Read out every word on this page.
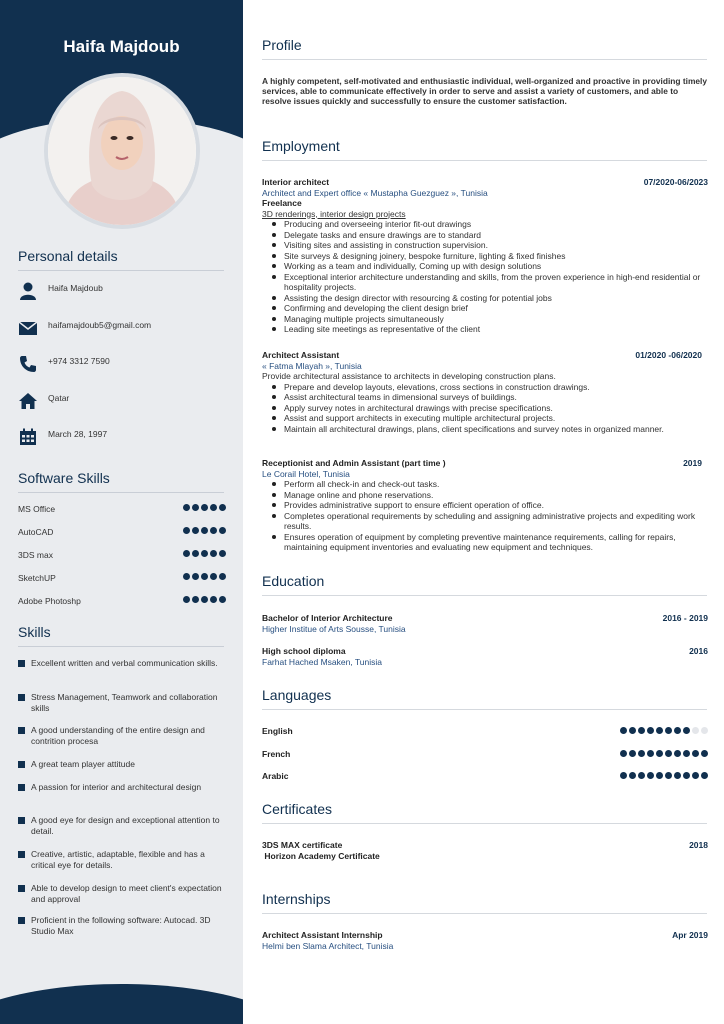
Haifa Majdoub
Personal details
Haifa Majdoub
haifamajdoub5@gmail.com
+974 3312 7590
Qatar
March 28, 1997
Software Skills
MS Office
AutoCAD
3DS max
SketchUP
Adobe Photoshp
Skills
Excellent written and verbal communication skills.
Stress Management, Teamwork and collaboration skills
A good understanding of the entire design and contrition procesa
A great team player attitude
A passion for interior and architectural design
A good eye for design and exceptional attention to detail.
Creative, artistic, adaptable, flexible and has a critical eye for details.
Able to develop design to meet client's expectation and approval
Proficient in the following software: Autocad. 3D Studio Max
Profile
A highly competent, self-motivated and enthusiastic individual, well-organized and proactive in providing timely services, able to communicate effectively in order to serve and assist a variety of customers, and able to resolve issues quickly and successfully to ensure the customer satisfaction.
Employment
Interior architect	07/2020-06/2023
Architect and Expert office « Mustapha Guezguez », Tunisia
Freelance
3D renderings, interior design projects
Producing and overseeing interior fit-out drawings
Delegate tasks and ensure drawings are to standard
Visiting sites and assisting in construction supervision.
Site surveys & designing joinery, bespoke furniture, lighting & fixed finishes
Working as a team and individually, Coming up with design solutions
Exceptional interior architecture understanding and skills, from the proven experience in high-end residential or hospitality projects.
Assisting the design director with resourcing & costing for potential jobs
Confirming and developing the client design brief
Managing multiple projects simultaneously
Leading site meetings as representative of the client
Architect Assistant	01/2020 -06/2020
« Fatma Mlayah », Tunisia
Provide architectural assistance to architects in developing construction plans.
Prepare and develop layouts, elevations, cross sections in construction drawings.
Assist architectural teams in dimensional surveys of buildings.
Apply survey notes in architectural drawings with precise specifications.
Assist and support architects in executing multiple architectural projects.
Maintain all architectural drawings, plans, client specifications and survey notes in organized manner.
Receptionist and Admin Assistant (part time )	2019
Le Corail Hotel, Tunisia
Perform all check-in and check-out tasks.
Manage online and phone reservations.
Provides administrative support to ensure efficient operation of office.
Completes operational requirements by scheduling and assigning administrative projects and expediting work results.
Ensures operation of equipment by completing preventive maintenance requirements, calling for repairs, maintaining equipment inventories and evaluating new equipment and techniques.
Education
Bachelor of Interior Architecture	2016 - 2019
Higher Institue of Arts Sousse, Tunisia
High school diploma	2016
Farhat Hached Msaken, Tunisia
Languages
English
French
Arabic
Certificates
3DS MAX certificate	2018
Horizon Academy Certificate
Internships
Architect Assistant Internship	Apr 2019
Helmi ben Slama Architect, Tunisia
